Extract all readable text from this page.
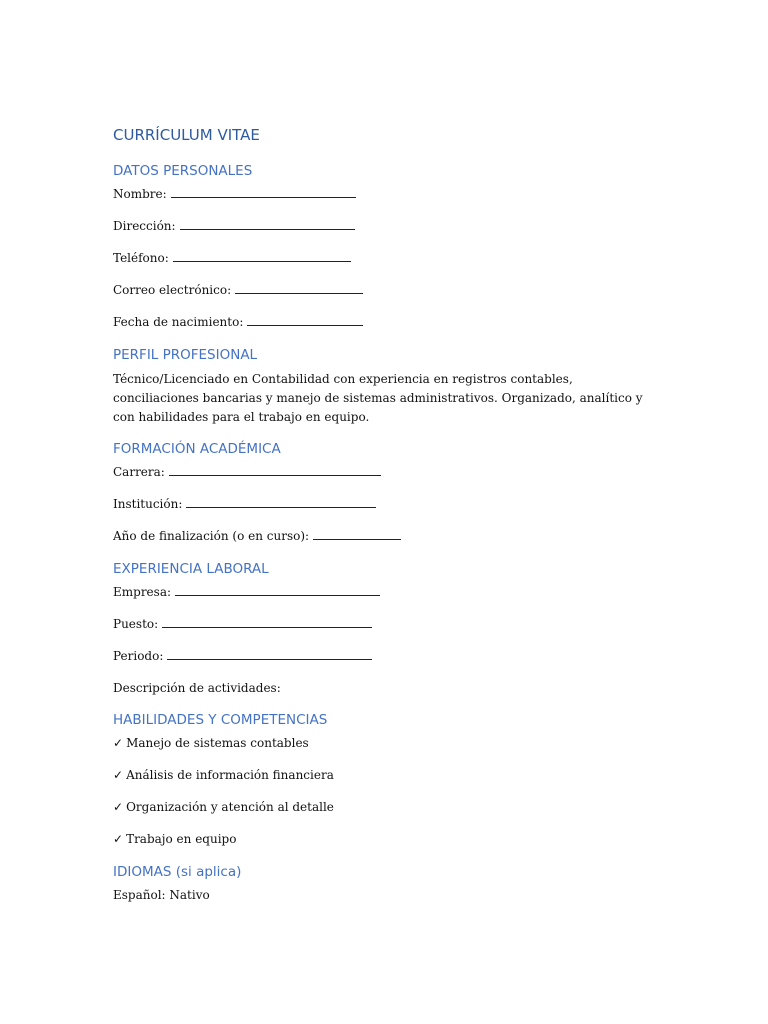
CURRÍCULUM VITAE
DATOS PERSONALES

Nombre:

Dirección:

Teléfono:

Correo electrónico:

Fecha de nacimiento:

PERFIL PROFESIONAL

Técnico/Licenciado en Contabilidad con experiencia en registros contables, conciliaciones bancarias y manejo de sistemas administrativos. Organizado, analítico y con habilidades para el trabajo en equipo.

FORMACIÓN ACADÉMICA

Carrera:

Institución:

Año de finalización (o en curso):

EXPERIENCIA LABORAL

Empresa:

Puesto:

Periodo:

Descripción de actividades:

HABILIDADES Y COMPETENCIAS

✓ Manejo de sistemas contables

✓ Análisis de información financiera

✓ Organización y atención al detalle

✓ Trabajo en equipo

IDIOMAS (si aplica)

Español: Nativo
